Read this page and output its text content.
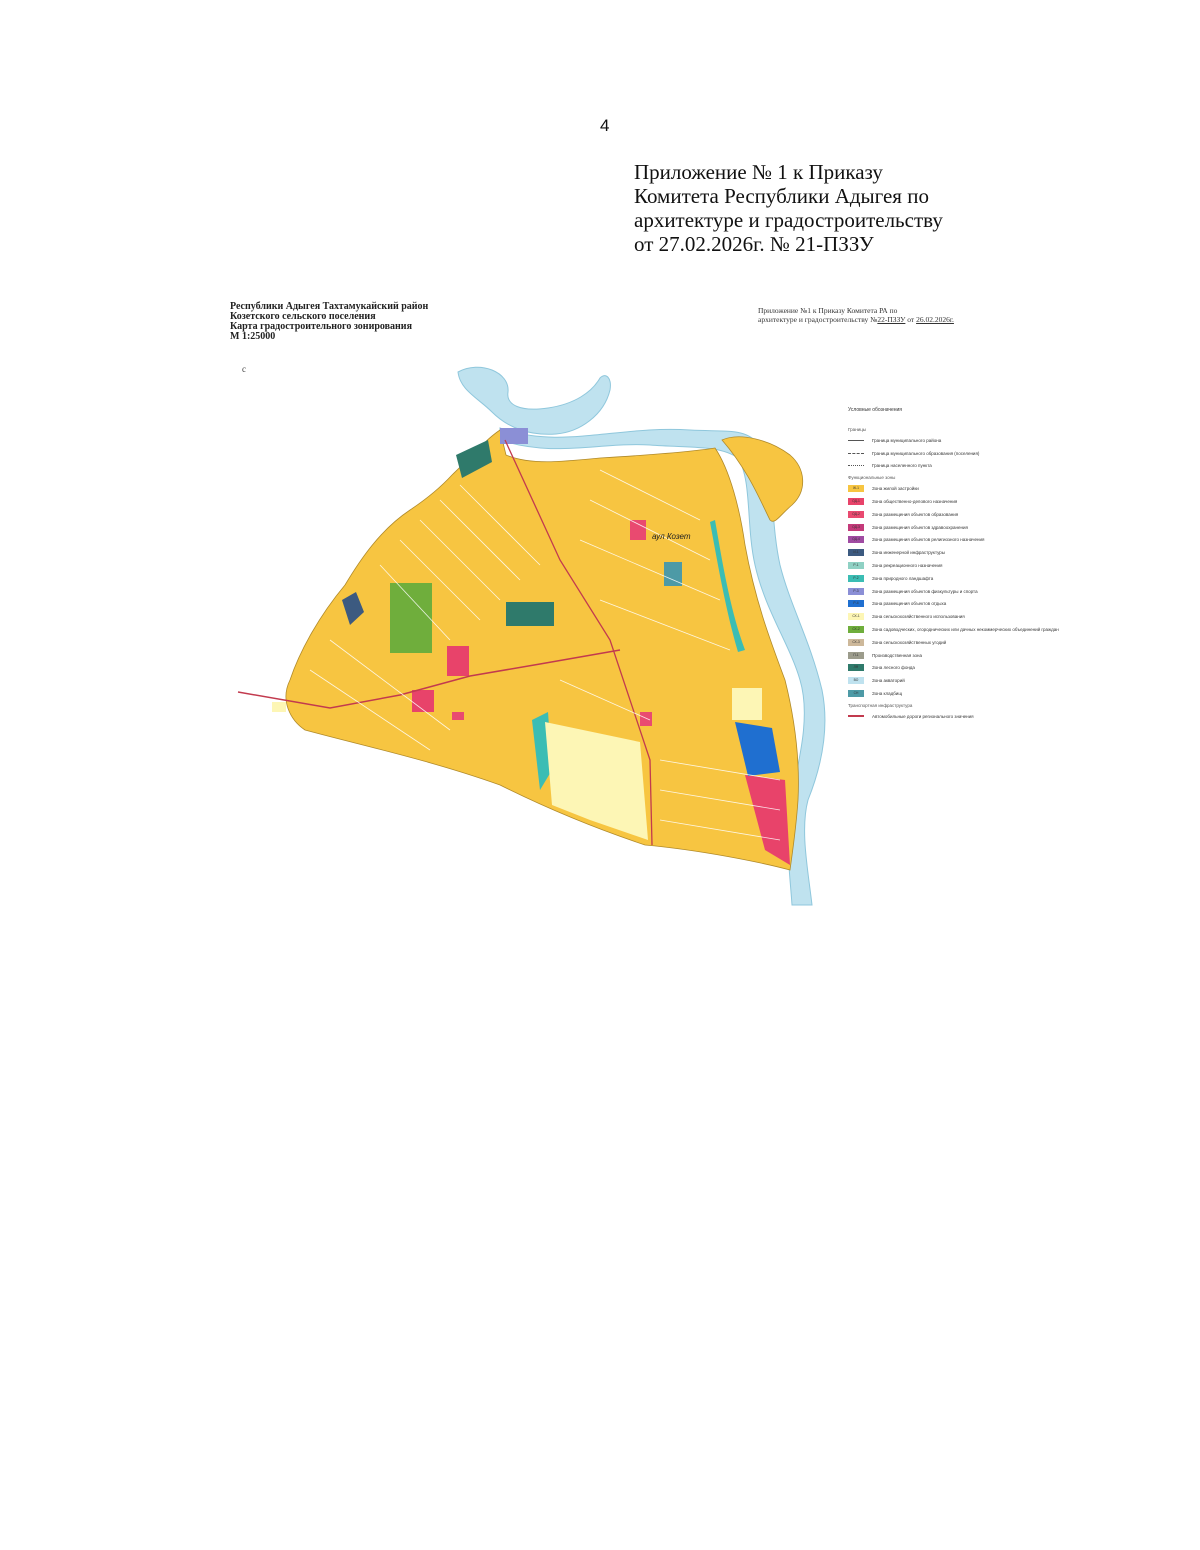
4
Приложение № 1 к Приказу
Комитета Республики Адыгея по
архитектуре и градостроительству
от 27.02.2026г. № 21-ПЗЗУ
Республики Адыгея Тахтамукайский район
Козетского сельского поселения
Карта градостроительного зонирования
М 1:25000
Приложение №1 к Приказу Комитета РА по
архитектуре и градостроительству №22-ПЗЗУ от 26.02.2026г.
с
аул Козет
Условные обозначения
Границы
Граница муниципального района
Граница муниципального образования (поселения)
Граница населенного пункта
Функциональные зоны
Ж-1	Зона жилой застройки
ОД-1	Зона общественно-делового назначения
ОД-2	Зона размещения объектов образования
ОД-3	Зона размещения объектов здравоохранения
ОД-4	Зона размещения объектов религиозного назначения
И-1	Зона инженерной инфраструктуры
Р-1	Зона рекреационного назначения
Р-2	Зона природного ландшафта
Р-3	Зона размещения объектов физкультуры и спорта
Р-4	Зона размещения объектов отдыха
СХ-1	Зона сельскохозяйственного использования
СХ-2	Зона садоводческих, огороднических или дачных некоммерческих объединений граждан
СХ-3	Зона сельскохозяйственных угодий
П-1	Производственная зона
ЛФ	Зона лесного фонда
ВО	Зона акваторий
СН	Зона кладбищ
Транспортная инфраструктура
Автомобильные дороги регионального значения
